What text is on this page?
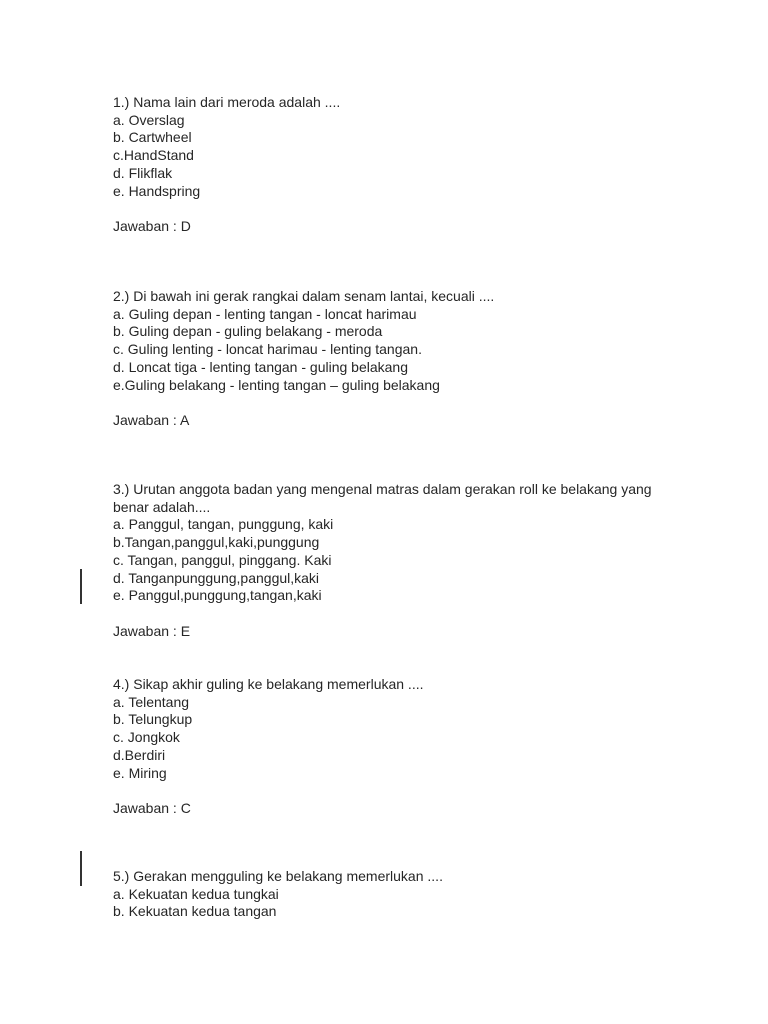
1.) Nama lain dari meroda adalah ....
a. Overslag
b. Cartwheel
c.HandStand
d. Flikflak
e. Handspring
Jawaban : D
2.) Di bawah ini gerak rangkai dalam senam lantai, kecuali ....
a. Guling depan - lenting tangan - loncat harimau
b. Guling depan - guling belakang - meroda
c. Guling lenting - loncat harimau - lenting tangan.
d. Loncat tiga - lenting tangan - guling belakang
e.Guling belakang - lenting tangan – guling belakang
Jawaban : A
3.) Urutan anggota badan yang mengenal matras dalam gerakan roll ke belakang yang benar adalah....
a. Panggul, tangan, punggung, kaki
b.Tangan,panggul,kaki,punggung
c. Tangan, panggul, pinggang. Kaki
d. Tanganpunggung,panggul,kaki
e. Panggul,punggung,tangan,kaki
Jawaban : E
4.) Sikap akhir guling ke belakang memerlukan ....
a. Telentang
b. Telungkup
c. Jongkok
d.Berdiri
e. Miring
Jawaban : C
5.) Gerakan mengguling ke belakang memerlukan ....
a. Kekuatan kedua tungkai
b. Kekuatan kedua tangan
